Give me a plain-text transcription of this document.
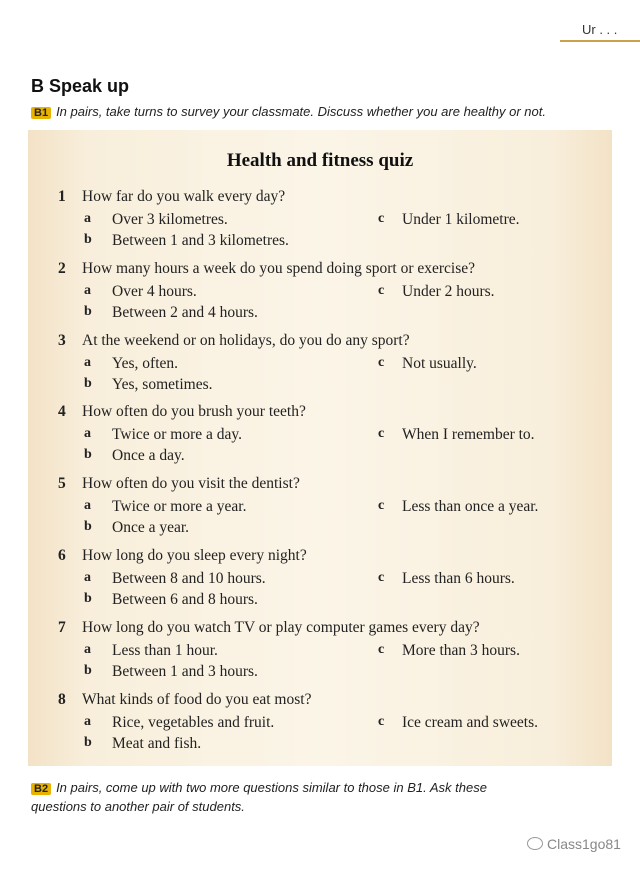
Ur . . .
B Speak up
B1 In pairs, take turns to survey your classmate. Discuss whether you are healthy or not.
Health and fitness quiz
1 How far do you walk every day?
a Over 3 kilometres.
b Between 1 and 3 kilometres.
c Under 1 kilometre.
2 How many hours a week do you spend doing sport or exercise?
a Over 4 hours.
b Between 2 and 4 hours.
c Under 2 hours.
3 At the weekend or on holidays, do you do any sport?
a Yes, often.
b Yes, sometimes.
c Not usually.
4 How often do you brush your teeth?
a Twice or more a day.
b Once a day.
c When I remember to.
5 How often do you visit the dentist?
a Twice or more a year.
b Once a year.
c Less than once a year.
6 How long do you sleep every night?
a Between 8 and 10 hours.
b Between 6 and 8 hours.
c Less than 6 hours.
7 How long do you watch TV or play computer games every day?
a Less than 1 hour.
b Between 1 and 3 hours.
c More than 3 hours.
8 What kinds of food do you eat most?
a Rice, vegetables and fruit.
b Meat and fish.
c Ice cream and sweets.
B2 In pairs, come up with two more questions similar to those in B1. Ask these
questions to another pair of students.
Class1go81
